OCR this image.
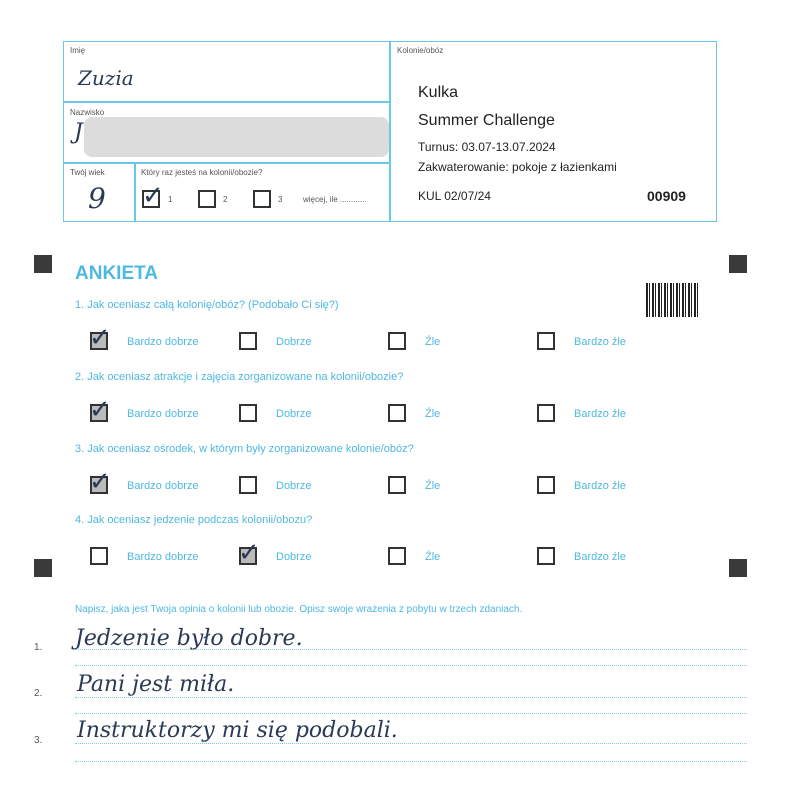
Imię
Zuzia
Nazwisko
J
Twój wiek
9
Który raz jesteś na kolonii/obozie?
✓ 1	2	3	więcej, ile ............
Kolonie/obóz
Kulka
Summer Challenge
Turnus: 03.07-13.07.2024
Zakwaterowanie: pokoje z łazienkami
KUL 02/07/24	00909
ANKIETA
1. Jak oceniasz całą kolonię/obóz? (Podobało Ci się?)
2. Jak oceniasz atrakcje i zajęcia zorganizowane na kolonii/obozie?
3. Jak oceniasz ośrodek, w którym były zorganizowane kolonie/obóz?
4. Jak oceniasz jedzenie podczas kolonii/obozu?
✓ Bardzo dobrze	Dobrze	Źle	Bardzo źle
✓ Bardzo dobrze	Dobrze	Źle	Bardzo źle
✓ Bardzo dobrze	Dobrze	Źle	Bardzo źle
Bardzo dobrze ✓ Dobrze	Źle	Bardzo źle
Napisz, jaka jest Twoja opinia o kolonii lub obozie. Opisz swoje wrażenia z pobytu w trzech zdaniach.
1. Jedzenie było dobre.
2. Pani jest miła.
3. Instruktorzy mi się podobali.
